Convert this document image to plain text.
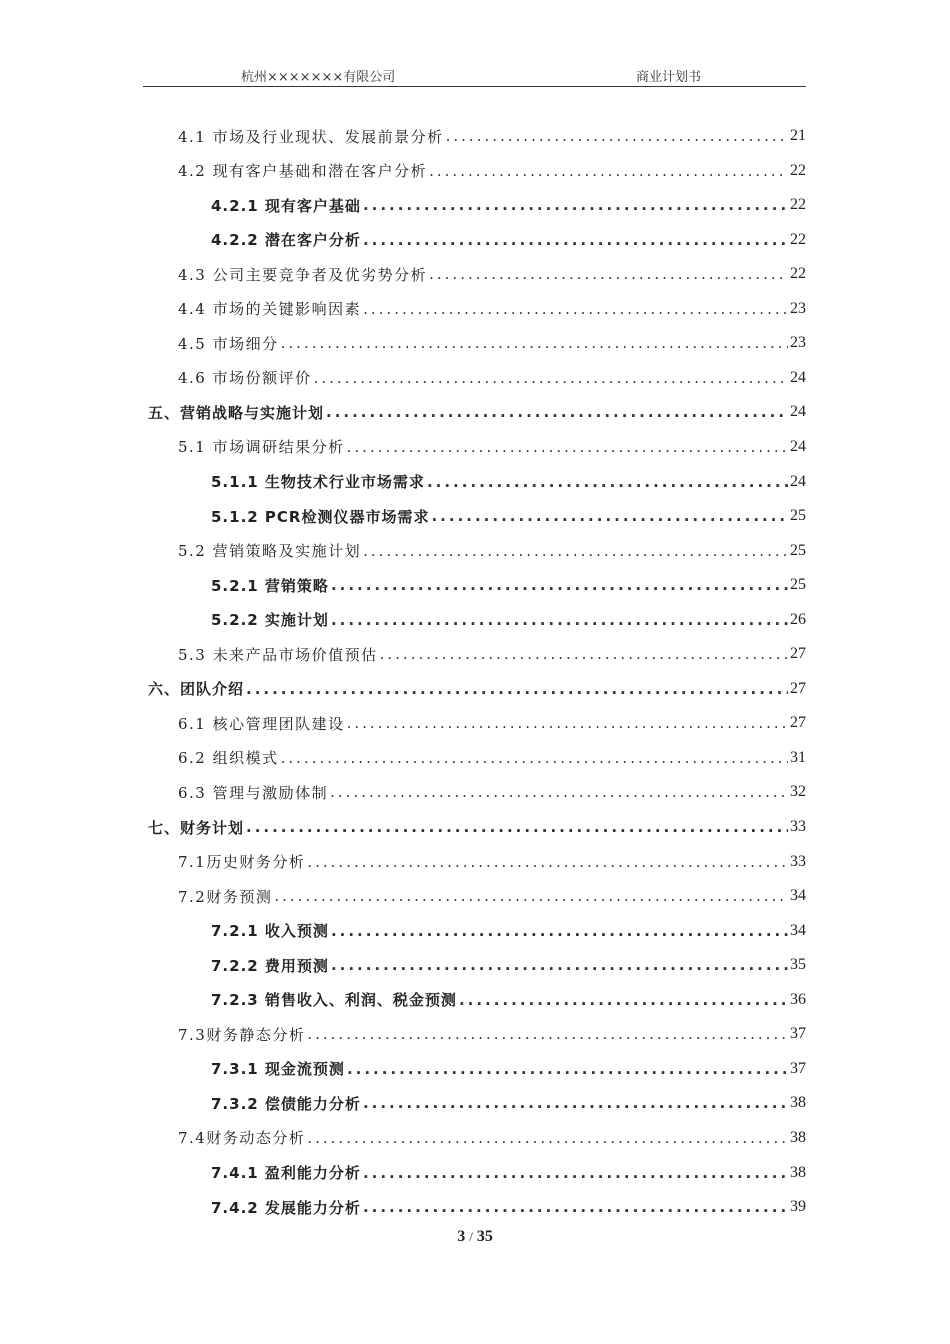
杭州×××××××有限公司	商业计划书
4.1 市场及行业现状、发展前景分析 .....	21
4.2 现有客户基础和潜在客户分析 .....	22
4.2.1 现有客户基础 .....	22
4.2.2 潜在客户分析 .....	22
4.3 公司主要竞争者及优劣势分析 .....	22
4.4 市场的关键影响因素 .....	23
4.5 市场细分 .....	23
4.6 市场份额评价 .....	24
五、营销战略与实施计划 .....	24
5.1 市场调研结果分析 .....	24
5.1.1 生物技术行业市场需求 .....	24
5.1.2 PCR检测仪器市场需求 .....	25
5.2 营销策略及实施计划 .....	25
5.2.1 营销策略 .....	25
5.2.2 实施计划 .....	26
5.3 未来产品市场价值预估 .....	27
六、团队介绍 .....	27
6.1 核心管理团队建设 .....	27
6.2 组织模式 .....	31
6.3 管理与激励体制 .....	32
七、财务计划 .....	33
7.1历史财务分析 .....	33
7.2财务预测 .....	34
7.2.1 收入预测 .....	34
7.2.2 费用预测 .....	35
7.2.3 销售收入、利润、税金预测 .....	36
7.3财务静态分析 .....	37
7.3.1 现金流预测 .....	37
7.3.2 偿债能力分析 .....	38
7.4财务动态分析 .....	38
7.4.1 盈利能力分析 .....	38
7.4.2 发展能力分析 .....	39
3 / 35
